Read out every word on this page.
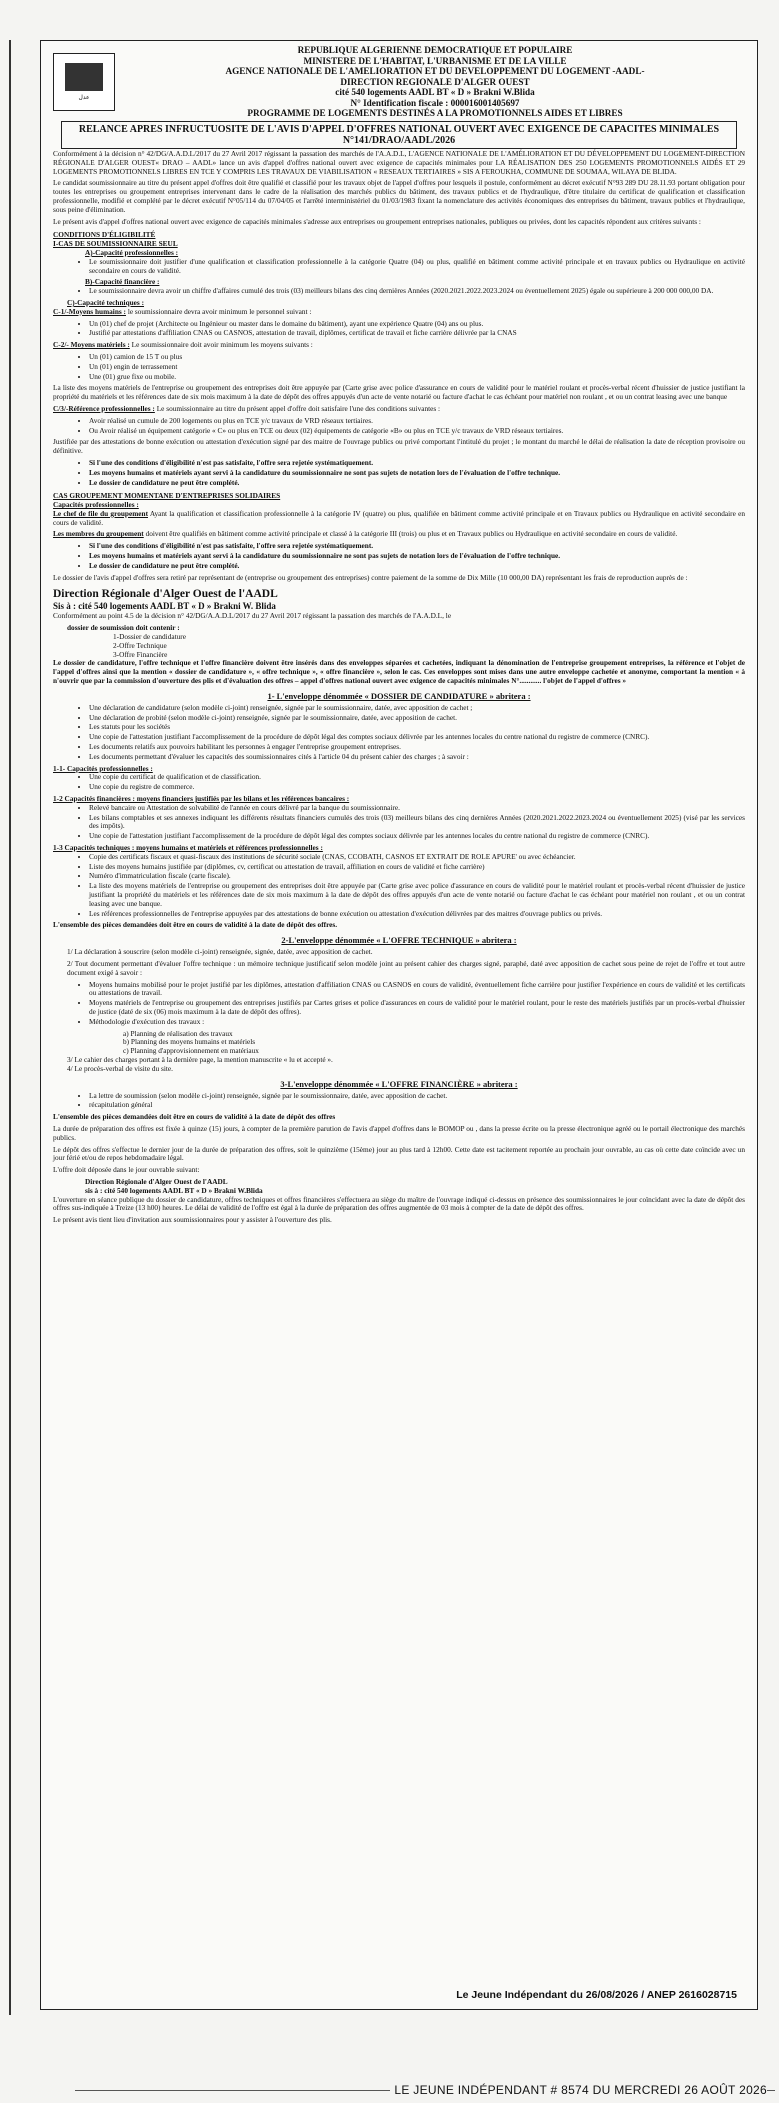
عدل
REPUBLIQUE ALGERIENNE DEMOCRATIQUE ET POPULAIRE
MINISTERE DE L'HABITAT, L'URBANISME ET DE LA VILLE
AGENCE NATIONALE DE L'AMELIORATION ET DU DEVELOPPEMENT DU LOGEMENT -AADL-
DIRECTION REGIONALE D'ALGER OUEST
cité 540 logements AADL BT « D » Brakni W.Blida
N° Identification fiscale : 000016001405697
PROGRAMME DE LOGEMENTS DESTINÉS A LA PROMOTIONNELS AIDES ET LIBRES
RELANCE APRES INFRUCTUOSITE DE L'AVIS D'APPEL D'OFFRES NATIONAL OUVERT AVEC EXIGENCE DE CAPACITES MINIMALES
N°141/DRAO/AADL/2026

Conformément à la décision n° 42/DG/A.A.D.L/2017 du 27 Avril 2017 régissant la passation des marchés de l'A.A.D.L, L'AGENCE NATIONALE DE L'AMÉLIORATION ET DU DÉVELOPPEMENT DU LOGEMENT-DIRECTION RÉGIONALE D'ALGER OUEST« DRAO – AADL» lance un avis d'appel d'offres national ouvert avec exigence de capacités minimales pour LA RÉALISATION DES 250 LOGEMENTS PROMOTIONNELS AIDÉS ET 29 LOGEMENTS PROMOTIONNELS LIBRES EN TCE Y COMPRIS LES TRAVAUX DE VIABILISATION « RESEAUX TERTIAIRES » SIS A FEROUKHA, COMMUNE DE SOUMAA, WILAYA DE BLIDA.

Le candidat soumissionnaire au titre du présent appel d'offres doit être qualifié et classifié pour les travaux objet de l'appel d'offres pour lesquels il postule, conformément au décret exécutif N°93 289 DU 28.11.93 portant obligation pour toutes les entreprises ou groupement entreprises intervenant dans le cadre de la réalisation des marchés publics du bâtiment, des travaux publics et de l'hydraulique, d'être titulaire du certificat de qualification et classification professionnelle, modifié et complété par le décret exécutif N°05/114 du 07/04/05 et l'arrêté interministériel du 01/03/1983 fixant la nomenclature des activités économiques des entreprises du bâtiment, travaux publics et l'hydraulique, sous peine d'élimination.

Le présent avis d'appel d'offres national ouvert avec exigence de capacités minimales s'adresse aux entreprises ou groupement entreprises nationales, publiques ou privées, dont les capacités répondent aux critères suivants :

CONDITIONS D'ÉLIGIBILITÉ
I-CAS DE SOUMISSIONNAIRE SEUL
A)-Capacité professionnelles :
• Le soumissionnaire doit justifier d'une qualification et classification professionnelle à la catégorie Quatre (04) ou plus, qualifié en bâtiment comme activité principale et en travaux publics ou Hydraulique en activité secondaire en cours de validité.
B)-Capacité financière :
• Le soumissionnaire devra avoir un chiffre d'affaires cumulé des trois (03) meilleurs bilans des cinq dernières Années (2020.2021.2022.2023.2024 ou éventuellement 2025) égale ou supérieure à 200 000 000,00 DA.
C)-Capacité techniques :

C-1/-Moyens humains : le soumissionnaire devra avoir minimum le personnel suivant :

• Un (01) chef de projet (Architecte ou Ingénieur ou master dans le domaine du bâtiment), ayant une expérience Quatre (04) ans ou plus.
• Justifié par attestations d'affiliation CNAS ou CASNOS, attestation de travail, diplômes, certificat de travail et fiche carrière délivrée par la CNAS

C-2/- Moyens matériels : Le soumissionnaire doit avoir minimum les moyens suivants :

• Un (01) camion de 15 T ou plus
• Un (01) engin de terrassement
• Une (01) grue fixe ou mobile.

La liste des moyens matériels de l'entreprise ou groupement des entreprises doit être appuyée par (Carte grise avec police d'assurance en cours de validité pour le matériel roulant et procès-verbal récent d'huissier de justice justifiant la propriété du matériels et les références date de six mois maximum à la date de dépôt des offres appuyés d'un acte de vente notarié ou facture d'achat le cas échéant pour matériel non roulant , et ou un contrat leasing avec une banque

C/3/-Référence professionnelles : Le soumissionnaire au titre du présent appel d'offre doit satisfaire l'une des conditions suivantes :

• Avoir réalisé un cumule de 200 logements ou plus en TCE y/c travaux de VRD réseaux tertiaires.
• Ou Avoir réalisé un équipement catégorie « C» ou plus en TCE ou deux (02) équipements de catégorie «B» ou plus en TCE y/c travaux de VRD réseaux tertiaires.

Justifiée par des attestations de bonne exécution ou attestation d'exécution signé par des maitre de l'ouvrage publics ou privé comportant l'intitulé du projet ; le montant du marché le délai de réalisation la date de réception provisoire ou définitive.

• Si l'une des conditions d'éligibilité n'est pas satisfaite, l'offre sera rejetée systématiquement.
• Les moyens humains et matériels ayant servi à la candidature du soumissionnaire ne sont pas sujets de notation lors de l'évaluation de l'offre technique.
• Le dossier de candidature ne peut être complété.
CAS GROUPEMENT MOMENTANE D'ENTREPRISES SOLIDAIRES
Capacités professionnelles :

Le chef de file du groupement Ayant la qualification et classification professionnelle à la catégorie IV (quatre) ou plus, qualifiée en bâtiment comme activité principale et en Travaux publics ou Hydraulique en activité secondaire en cours de validité.

Les membres du groupement doivent être qualifiés en bâtiment comme activité principale et classé à la catégorie III (trois) ou plus et en Travaux publics ou Hydraulique en activité secondaire en cours de validité.

• Si l'une des conditions d'éligibilité n'est pas satisfaite, l'offre sera rejetée systématiquement.
• Les moyens humains et matériels ayant servi à la candidature du soumissionnaire ne sont pas sujets de notation lors de l'évaluation de l'offre technique.
• Le dossier de candidature ne peut être complété.

Le dossier de l'avis d'appel d'offres sera retiré par représentant de (entreprise ou groupement des entreprises) contre paiement de la somme de Dix Mille (10 000,00 DA) représentant les frais de reproduction auprès de :

Direction Régionale d'Alger Ouest de l'AADL
Sis à : cité 540 logements AADL BT « D » Brakni W. Blida

Conformément au point 4.5 de la décision n° 42/DG/A.A.D.L/2017 du 27 Avril 2017 régissant la passation des marchés de l'A.A.D.L, le

dossier de soumission doit contenir :
1-Dossier de candidature
2-Offre Technique
3-Offre Financière

Le dossier de candidature, l'offre technique et l'offre financière doivent être insérés dans des enveloppes séparées et cachetées, indiquant la dénomination de l'entreprise groupement entreprises, la référence et l'objet de l'appel d'offres ainsi que la mention « dossier de candidature », « offre technique », « offre financière », selon le cas. Ces enveloppes sont mises dans une autre enveloppe cachetée et anonyme, comportant la mention « à n'ouvrir que par la commission d'ouverture des plis et d'évaluation des offres – appel d'offres national ouvert avec exigence de capacités minimales N°............ l'objet de l'appel d'offres »

1- L'enveloppe dénommée « DOSSIER DE CANDIDATURE » abritera :
• Une déclaration de candidature (selon modèle ci-joint) renseignée, signée par le soumissionnaire, datée, avec apposition de cachet ;
• Une déclaration de probité (selon modèle ci-joint) renseignée, signée par le soumissionnaire, datée, avec apposition de cachet.
• Les statuts pour les sociétés
• Une copie de l'attestation justifiant l'accomplissement de la procédure de dépôt légal des comptes sociaux délivrée par les antennes locales du centre national du registre de commerce (CNRC).
• Les documents relatifs aux pouvoirs habilitant les personnes à engager l'entreprise groupement entreprises.
• Les documents permettant d'évaluer les capacités des soumissionnaires cités à l'article 04 du présent cahier des charges ; à savoir :
1-1- Capacités professionnelles :
• Une copie du certificat de qualification et de classification.
• Une copie du registre de commerce.
1-2 Capacités financières : moyens financiers justifiés par les bilans et les références bancaires :
• Relevé bancaire ou Attestation de solvabilité de l'année en cours délivré par la banque du soumissionnaire.
• Les bilans comptables et ses annexes indiquant les différents résultats financiers cumulés des trois (03) meilleurs bilans des cinq dernières Années (2020.2021.2022.2023.2024 ou éventuellement 2025) (visé par les services des impôts).
• Une copie de l'attestation justifiant l'accomplissement de la procédure de dépôt légal des comptes sociaux délivrée par les antennes locales du centre national du registre de commerce (CNRC).
1-3 Capacités techniques : moyens humains et matériels et références professionnelles :
• Copie des certificats fiscaux et quasi-fiscaux des institutions de sécurité sociale (CNAS, CCOBATH, CASNOS ET EXTRAIT DE ROLE APURE' ou avec échéancier.
• Liste des moyens humains justifiée par (diplômes, cv, certificat ou attestation de travail, affiliation en cours de validité et fiche carrière)
• Numéro d'immatriculation fiscale (carte fiscale).
• La liste des moyens matériels de l'entreprise ou groupement des entreprises doit être appuyée par (Carte grise avec police d'assurance en cours de validité pour le matériel roulant et procès-verbal récent d'huissier de justice justifiant la propriété du matériels et les références date de six mois maximum à la date de dépôt des offres appuyés d'un acte de vente notarié ou facture d'achat le cas échéant pour matériel non roulant , et ou un contrat leasing avec une banque.
• Les références professionnelles de l'entreprise appuyées par des attestations de bonne exécution ou attestation d'exécution délivrées par des maitres d'ouvrage publics ou privés.

L'ensemble des pièces demandées doit être en cours de validité à la date de dépôt des offres.

2-L'enveloppe dénommée « L'OFFRE TECHNIQUE » abritera :

1/ La déclaration à souscrire (selon modèle ci-joint) renseignée, signée, datée, avec apposition de cachet.

2/ Tout document permettant d'évaluer l'offre technique : un mémoire technique justificatif selon modèle joint au présent cahier des charges signé, paraphé, daté avec apposition de cachet sous peine de rejet de l'offre et tout autre document exigé à savoir :

• Moyens humains mobilisé pour le projet justifié par les diplômes, attestation d'affiliation CNAS ou CASNOS en cours de validité, éventuellement fiche carrière pour justifier l'expérience en cours de validité et les certificats ou attestations de travail.
• Moyens matériels de l'entreprise ou groupement des entreprises justifiés par Cartes grises et police d'assurances en cours de validité pour le matériel roulant, pour le reste des matériels justifiés par un procès-verbal d'huissier de justice (daté de six (06) mois maximum à la date de dépôt des offres).
• Méthodologie d'exécution des travaux :
a) Planning de réalisation des travaux
b) Planning des moyens humains et matériels
c) Planning d'approvisionnement en matériaux
3/ Le cahier des charges portant à la dernière page, la mention manuscrite « lu et accepté ».
4/ Le procès-verbal de visite du site.
3-L'enveloppe dénommée « L'OFFRE FINANCIÈRE » abritera :
• La lettre de soumission (selon modèle ci-joint) renseignée, signée par le soumissionnaire, datée, avec apposition de cachet.
• récapitulation général

L'ensemble des pièces demandées doit être en cours de validité à la date de dépôt des offres

La durée de préparation des offres est fixée à quinze (15) jours, à compter de la première parution de l'avis d'appel d'offres dans le BOMOP ou , dans la presse écrite ou la presse électronique agréé ou le portail électronique des marchés publics.

Le dépôt des offres s'effectue le dernier jour de la durée de préparation des offres, soit le quinzième (15ème) jour au plus tard à 12h00. Cette date est tacitement reportée au prochain jour ouvrable, au cas où cette date coïncide avec un jour férié et/ou de repos hebdomadaire légal.

L'offre doit déposée dans le jour ouvrable suivant:

Direction Régionale d'Alger Ouest de l'AADL
sis à : cité 540 logements AADL BT « D » Brakni W.Blida

L'ouverture en séance publique du dossier de candidature, offres techniques et offres financières s'effectuera au siège du maître de l'ouvrage indiqué ci-dessus en présence des soumissionnaires le jour coïncidant avec la date de dépôt des offres sus-indiquée à Treize (13 h00) heures. Le délai de validité de l'offre est égal à la durée de préparation des offres augmentée de 03 mois à compter de la date de dépôt des offres.

Le présent avis tient lieu d'invitation aux soumissionnaires pour y assister à l'ouverture des plis.

Le Jeune Indépendant du 26/08/2026 / ANEP 2616028715
LE JEUNE INDÉPENDANT # 8574 DU MERCREDI 26 AOÛT 2026
